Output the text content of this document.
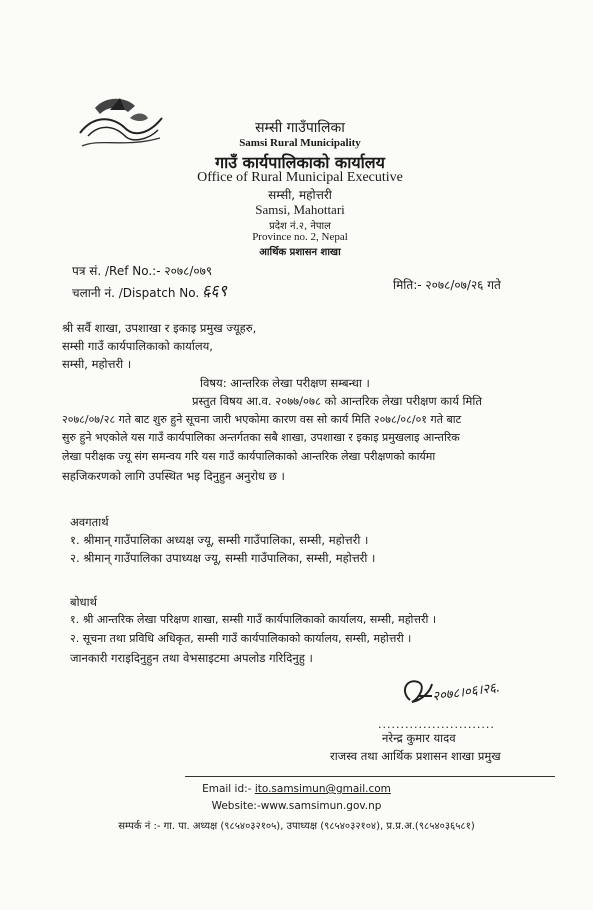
सम्सी गाउँपालिका
Samsi Rural Municipality
गाउँ कार्यपालिकाको कार्यालय
Office of Rural Municipal Executive
सम्सी, महोत्तरी
Samsi, Mahottari
प्रदेश नं.२, नेपाल
Province no. 2, Nepal
आर्थिक प्रशासन शाखा
पत्र सं. /Ref No.:- २०७८/०७९
चलानी नं. /Dispatch No. :-
६६९	मिति:- २०७८/०७/२६ गते
श्री सर्वै शाखा, उपशाखा र इकाइ प्रमुख ज्यूहरु,
सम्सी गाउँ कार्यपालिकाको कार्यालय,
सम्सी, महोत्तरी ।
विषय: आन्तरिक लेखा परीक्षण सम्बन्धा ।
प्रस्तुत विषय आ.व. २०७७/०७८ को आन्तरिक लेखा परीक्षण कार्य मिति
२०७८/०७/२८ गते बाट शुरु हुने सूचना जारी भएकोमा कारण वस सो कार्य मिति २०७८/०८/०१ गते बाट
सुरु हुने भएकोले यस गाउँ कार्यपालिका अन्तर्गतका सबै शाखा, उपशाखा र इकाइ प्रमुखलाइ आन्तरिक
लेखा परीक्षक ज्यू संग समन्वय गरि यस गाउँ कार्यपालिकाको आन्तरिक लेखा परीक्षणको कार्यमा
सहजिकरणको लागि उपस्थित भइ दिनुहुन अनुरोध छ ।
अवगतार्थ
१. श्रीमान् गाउँपालिका अध्यक्ष ज्यू, सम्सी गाउँपालिका, सम्सी, महोत्तरी ।
२. श्रीमान् गाउँपालिका उपाध्यक्ष ज्यू, सम्सी गाउँपालिका, सम्सी, महोत्तरी ।
बोधार्थ
१. श्री आन्तरिक लेखा परिक्षण शाखा, सम्सी गाउँ कार्यपालिकाको कार्यालय, सम्सी, महोत्तरी ।
२. सूचना तथा प्रविधि अधिकृत, सम्सी गाउँ कार्यपालिकाको कार्यालय, सम्सी, महोत्तरी ।
जानकारी गराइदिनुहुन तथा वेभसाइटमा अपलोड गरिदिनुहु ।
२०७८।०६।२६.
..........................
नरेन्द्र कुमार यादव
राजस्व तथा आर्थिक प्रशासन शाखा प्रमुख
Email id:- ito.samsimun@gmail.com
Website:-www.samsimun.gov.np
सम्पर्क नं :- गा. पा. अध्यक्ष (९८५४०३२१०५), उपाध्यक्ष (९८५४०३२१०४), प्र.प्र.अ.(९८५४०३६५८१)
